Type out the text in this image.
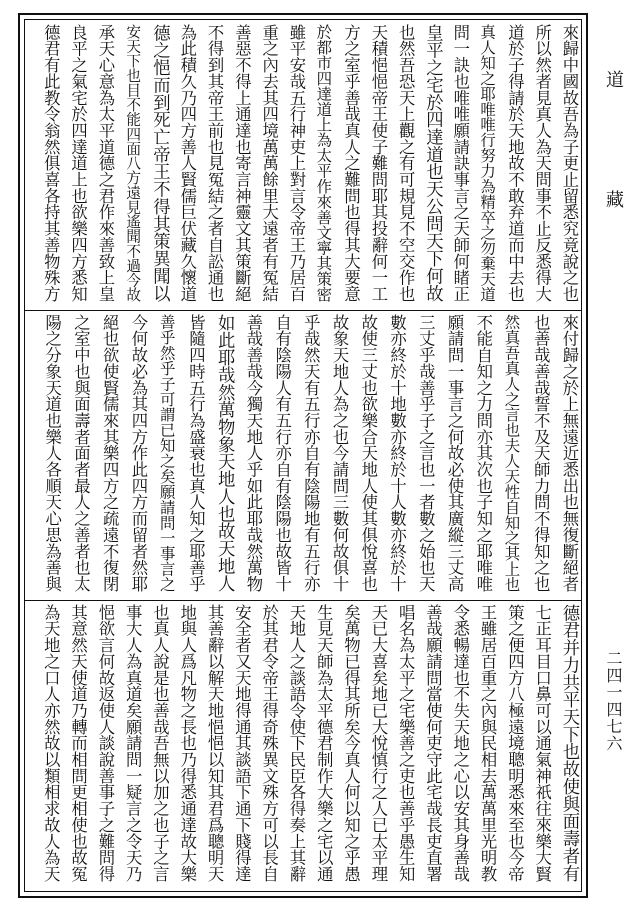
來歸中國故吾為子更止留悉究竟說之也
所以然者見真人為天問事不止反悉得大
道於子得請於天地故不敢弃道而中去也
真人知之耶唯唯行努力為精卒之勿棄天道
問一訣也唯唯願請訣事言之天師何睹正
皇平之宅於四達道也天公問天下何故
也然吾恐天上觀之有可規見不空交作也
天積悒悒帝王使子難問耶其投辭何一工
方之室乎善哉真人之難問也得其大要意
於都市四達道上為太平作來善文寧其策密
雖平安哉五行神吏上對言令帝王乃居百
重之內去其四境萬萬餘里大遠者有冤結
善惡不得上通達也寄言神靈文其策斷絕
不得到其帝王前也見冤結之者自訟通也
為此積久乃四方善人賢儒巨伏藏久懷道
德之悒而到死亡帝王不得其策異聞以
安天下也目不能四面八方遠見遙聞不過今故
承天心意為太平道德之君作來善致上皇
良平之氣宅於四達道上也欲樂四方悉知
德君有此教令翁然俱喜各持其善物殊方
來付歸之於上無遠近悉出也無復斷絕者
也善哉善哉誓不及天師力問不得知之也
然真吾真人之言也夫人天性自知之其上也
不能自知之力問亦其次也子知之耶唯唯
願請問一事言之何故必使其廣縱三丈高
三丈乎哉善乎子之言也一者數之始也天
數亦終於十地數亦終於十人數亦終於十
故使三丈也欲樂合天地人使其俱悅喜也
故象天地人為之也今請問三數何故俱十
乎哉然天有五行亦自有陰陽地有五行亦
自有陰陽人有五行亦自有陰陽也故皆十
善哉善哉今獨天地人乎如此耶哉然萬物
如此耶哉然萬物象天地人也故天地人
皆隨四時五行為盛衰也真人知之耶善乎
善乎然乎子可謂已知之矣願請問一事言之
今何故必為其四方作此四方而留者然耶
絕也欲使賢儒來其樂四方之疏遠不復閉
之室中也與面壽者面者最人之善者也太
陽之分象天道也樂人各順天心思為善與
德君并力共平天下也故使與面壽者有
七正耳目口鼻可以通氣神祇往來樂大賢
策之便四方八極遠境聰明悉來至也今帝
王雖居百重之內與民相去萬萬里光明教
令悉暢達也不失天地之心以安其身善哉
善哉願請問當使何吏守此宅哉長吏直署
唱名為太平之宅樂善之吏也善乎愚生知
天已大喜矣地已大悅慎行之人已太平理
矣萬物已得其所矣今真人何以知之乎愚
生見天師為太平德君制作大樂之宅以通
天地人之談語令使下民臣各得奏上其辭
於其君令帝王得奇殊異文殊方可以長自
安全者又天地得通其談語下通下賤得達
其善辭以解天地悒悒以知其君爲聰明天
地與人爲凡物之長也乃得悉通達故大樂
也真人說是也善哉吾無以加之也子之言
事大人為真道矣願請問一疑言之令天乃
悒欲言何故返使人談說善事子之難問得
其意然天使道乃轉而相問更相使也故冤
為天地之口人亦然故以類相求故人為天
道　藏
二四一四七六
